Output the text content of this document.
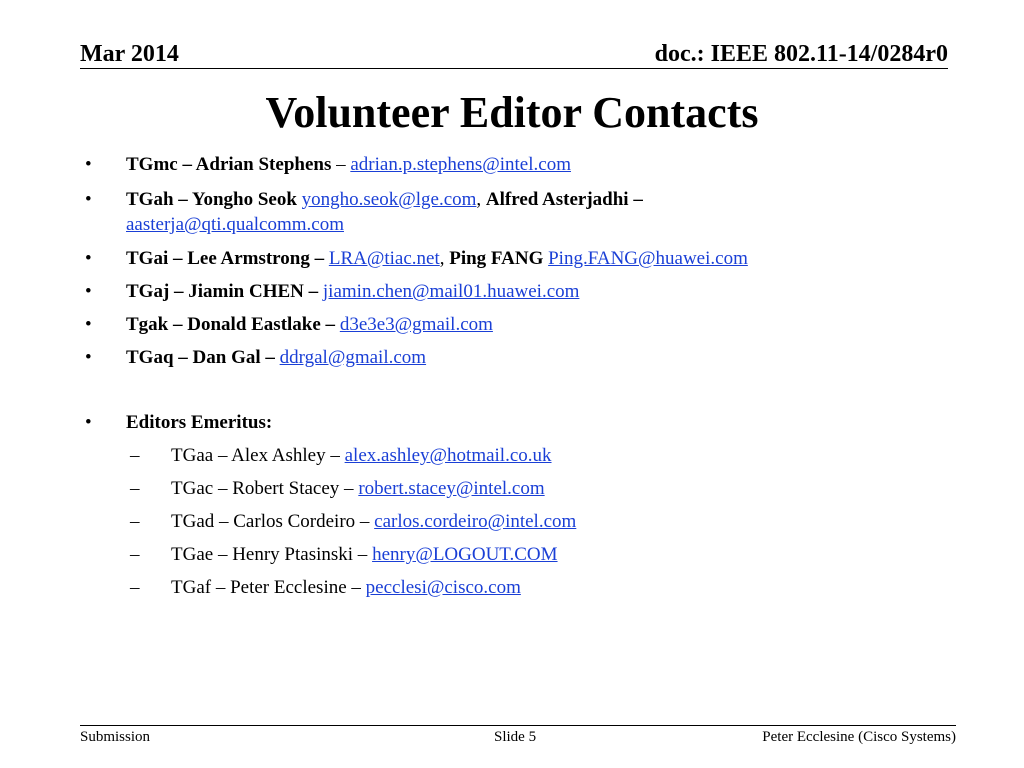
Mar 2014	doc.: IEEE 802.11-14/0284r0
Volunteer Editor Contacts
• TGmc – Adrian Stephens – adrian.p.stephens@intel.com
• TGah – Yongho Seok yongho.seok@lge.com, Alfred Asterjadhi – aasterja@qti.qualcomm.com
• TGai – Lee Armstrong – LRA@tiac.net, Ping FANG Ping.FANG@huawei.com
• TGaj – Jiamin CHEN – jiamin.chen@mail01.huawei.com
• Tgak – Donald Eastlake – d3e3e3@gmail.com
• TGaq – Dan Gal – ddrgal@gmail.com
• Editors Emeritus:
– TGaa – Alex Ashley – alex.ashley@hotmail.co.uk
– TGac – Robert Stacey – robert.stacey@intel.com
– TGad – Carlos Cordeiro – carlos.cordeiro@intel.com
– TGae – Henry Ptasinski – henry@LOGOUT.COM
– TGaf – Peter Ecclesine – pecclesi@cisco.com
Submission	Slide 5	Peter Ecclesine (Cisco Systems)
